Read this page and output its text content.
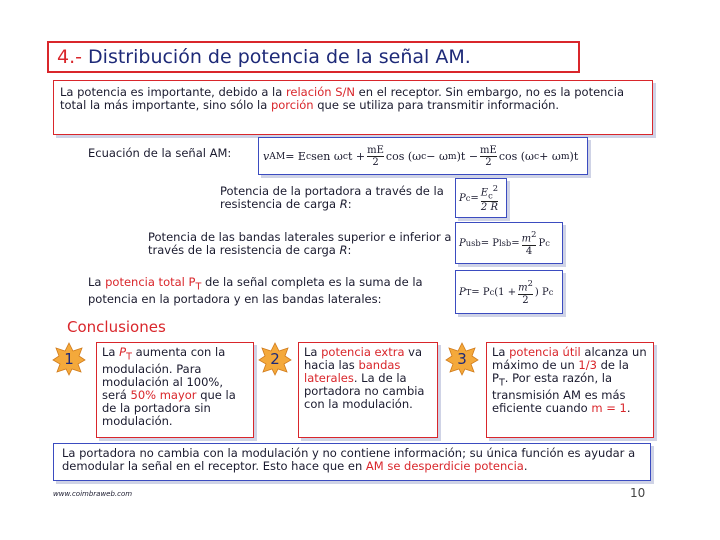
4.- Distribución de potencia de la señal AM.
La potencia es importante, debido a la relación S/N en el receptor. Sin embargo, no es la potencia total la más importante, sino sólo la porción que se utiliza para transmitir información.
Ecuación de la señal AM:	v AM = E c sen ω c $t + \frac{mE}{2}$ cos (ω c − ω m )$t - \frac{mE}{2}$ cos (ω c + ω m )t
Potencia de la portadora a través de la resistencia de carga R:	P $c = \frac{E_c^2}{2 R}$
Potencia de las bandas laterales superior e inferior a través de la resistencia de carga R:	P usb = P lsb = $\frac{m^2}{4}$ P c
La potencia total $P_T$ de la señal completa es la suma de la potencia en la portadora y en las bandas laterales:
P T = P c ($1 + \frac{m^2}{2}$ ) P c
Conclusiones
1	La $P_T$ aumenta con la modulación. Para modulación al 100%, será 50% mayor que la de la portadora sin modulación.
2	La potencia extra va hacia las bandas laterales. La de la portadora no cambia con la modulación.
3	La potencia útil alcanza un máximo de un 1/3 de la $P_T$. Por esta razón, la transmisión AM es más eficiente cuando m = 1.
La portadora no cambia con la modulación y no contiene información; su única función es ayudar a demodular la señal en el receptor. Esto hace que en AM se desperdicie potencia.
www.coimbraweb.com	10
